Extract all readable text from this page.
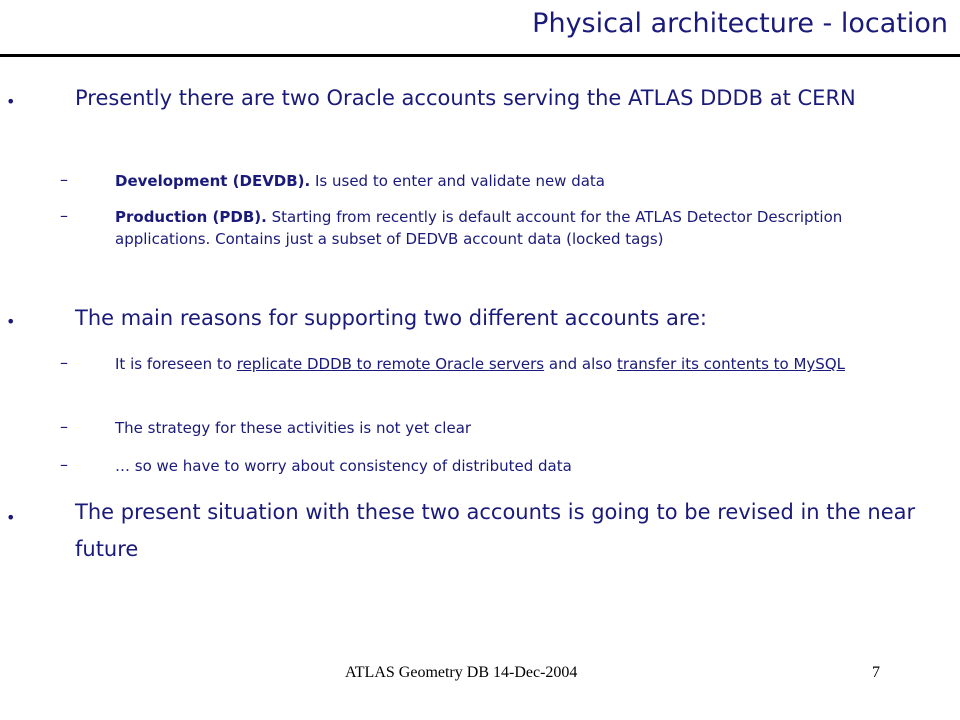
Physical architecture - location
•	Presently there are two Oracle accounts serving the ATLAS DDDB at CERN
–	Development (DEVDB). Is used to enter and validate new data
–	Production (PDB). Starting from recently is default account for the ATLAS Detector Description applications. Contains just a subset of DEDVB account data (locked tags)
•	The main reasons for supporting two different accounts are:
–	It is foreseen to replicate DDDB to remote Oracle servers and also transfer its contents to MySQL
–	The strategy for these activities is not yet clear
–	… so we have to worry about consistency of distributed data
•	The present situation with these two accounts is going to be revised in the near future
ATLAS Geometry DB 14-Dec-2004	7
